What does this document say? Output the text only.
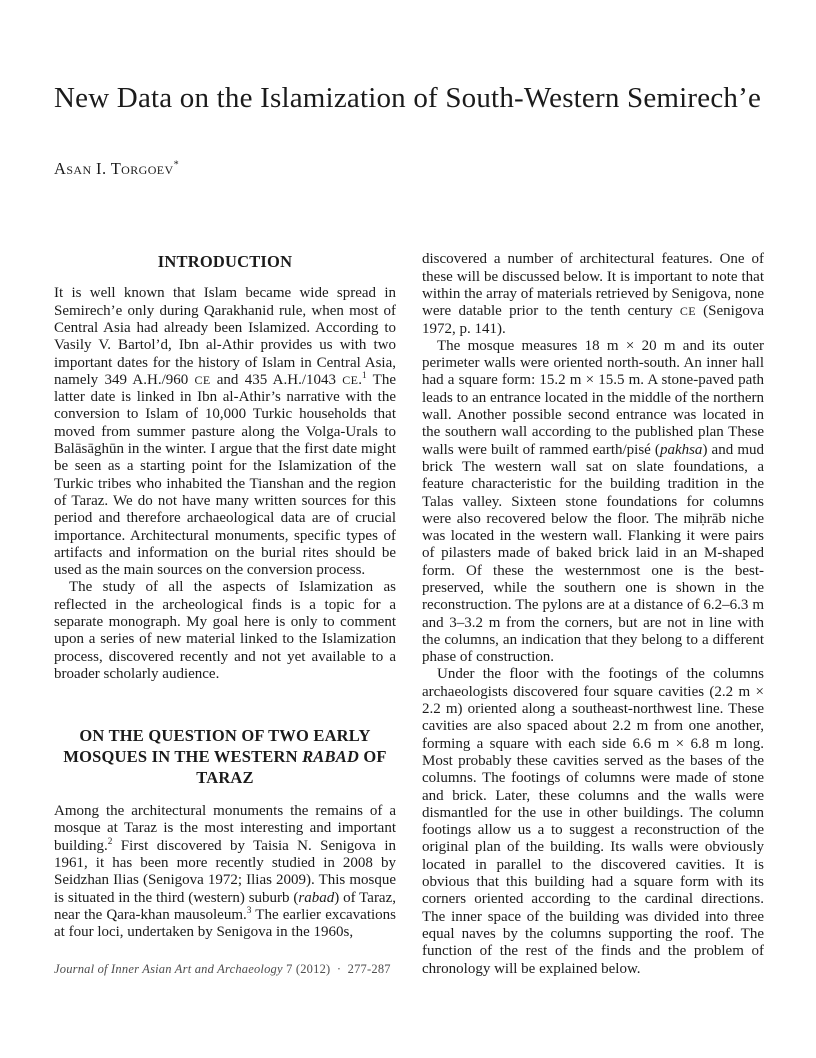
New Data on the Islamization of South-Western Semirech’e
Asan I. Torgoev*
INTRODUCTION

It is well known that Islam became wide spread in Semirech’e only during Qarakhanid rule, when most of Central Asia had already been Islamized. According to Vasily V. Bartol’d, Ibn al-Athir provides us with two important dates for the history of Islam in Central Asia, namely 349 A.H./960 CE and 435 A.H./1043 CE.$^1$ The latter date is linked in Ibn al-Athir’s narrative with the conversion to Islam of 10,000 Turkic households that moved from summer pasture along the Volga-Urals to Balāsāghūn in the winter. I argue that the first date might be seen as a starting point for the Islamization of the Turkic tribes who inhabited the Tianshan and the region of Taraz. We do not have many written sources for this period and therefore archaeological data are of crucial importance. Architectural monuments, specific types of artifacts and information on the burial rites should be used as the main sources on the conversion process.

The study of all the aspects of Islamization as reflected in the archeological finds is a topic for a separate monograph. My goal here is only to comment upon a series of new material linked to the Islamization process, discovered recently and not yet available to a broader scholarly audience.

ON THE QUESTION OF TWO EARLY MOSQUES IN THE WESTERN RABAD OF TARAZ

Among the architectural monuments the remains of a mosque at Taraz is the most interesting and important building.$^2$ First discovered by Taisia N. Senigova in 1961, it has been more recently studied in 2008 by Seidzhan Ilias (Senigova 1972; Ilias 2009). This mosque is situated in the third (western) suburb (rabad) of Taraz, near the Qara-khan mausoleum.$^3$ The earlier excavations at four loci, undertaken by Senigova in the 1960s,

discovered a number of architectural features. One of these will be discussed below. It is important to note that within the array of materials retrieved by Senigova, none were datable prior to the tenth century CE (Senigova 1972, p. 141).

The mosque measures 18 m × 20 m and its outer perimeter walls were oriented north-south. An inner hall had a square form: 15.2 m × 15.5 m. A stone-paved path leads to an entrance located in the middle of the northern wall. Another possible second entrance was located in the southern wall according to the published plan These walls were built of rammed earth/pisé (pakhsa) and mud brick The western wall sat on slate foundations, a feature characteristic for the building tradition in the Talas valley. Sixteen stone foundations for columns were also recovered below the floor. The miḥrāb niche was located in the western wall. Flanking it were pairs of pilasters made of baked brick laid in an M-shaped form. Of these the westernmost one is the best-preserved, while the southern one is shown in the reconstruction. The pylons are at a distance of 6.2–6.3 m and 3–3.2 m from the corners, but are not in line with the columns, an indication that they belong to a different phase of construction.

Under the floor with the footings of the columns archaeologists discovered four square cavities (2.2 m × 2.2 m) oriented along a southeast-northwest line. These cavities are also spaced about 2.2 m from one another, forming a square with each side 6.6 m × 6.8 m long. Most probably these cavities served as the bases of the columns. The footings of columns were made of stone and brick. Later, these columns and the walls were dismantled for the use in other buildings. The column footings allow us a to suggest a reconstruction of the original plan of the building. Its walls were obviously located in parallel to the discovered cavities. It is obvious that this building had a square form with its corners oriented according to the cardinal directions. The inner space of the building was divided into three equal naves by the columns supporting the roof. The function of the rest of the finds and the problem of chronology will be explained below.

Journal of Inner Asian Art and Archaeology 7 (2012) · 277-287
